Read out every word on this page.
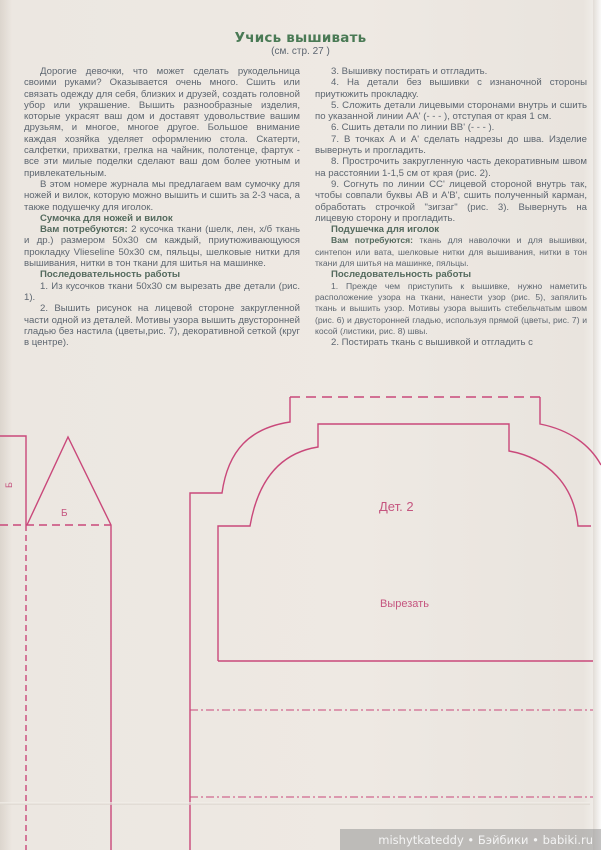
Учись вышивать
(см. стр. 27 )

Дорогие девочки, что может сделать рукодельница своими руками? Оказывается очень много. Сшить или связать одежду для себя, близких и друзей, создать головной убор или украшение. Вышить разнообразные изделия, которые украсят ваш дом и доставят удовольствие вашим друзьям, и многое, многое другое. Большое внимание каждая хозяйка уделяет оформлению стола. Скатерти, салфетки, прихватки, грелка на чайник, полотенце, фартук - все эти милые поделки сделают ваш дом более уютным и привлекательным.

В этом номере журнала мы предлагаем вам сумочку для ножей и вилок, которую можно вышить и сшить за 2-3 часа, а также подушечку для иголок.

Сумочка для ножей и вилок

Вам потребуются: 2 кусочка ткани (шелк, лен, х/б ткань и др.) размером 50х30 см каждый, приутюживающуюся прокладку Vlieseline 50х30 см, пяльцы, шелковые нитки для вышивания, нитки в тон ткани для шитья на машинке.

Последовательность работы

1. Из кусочков ткани 50х30 см вырезать две детали (рис. 1).

2. Вышить рисунок на лицевой стороне закругленной части одной из деталей. Мотивы узора вышить двусторонней гладью без настила (цветы,рис. 7), декоративной сеткой (круг в центре).

3. Вышивку постирать и отгладить.

4. На детали без вышивки с изнаночной стороны приутюжить прокладку.

5. Сложить детали лицевыми сторонами внутрь и сшить по указанной линии АА' (- - - ), отступая от края 1 см.

6. Сшить детали по линии ВВ' (- - - ).

7. В точках А и А' сделать надрезы до шва. Изделие вывернуть и прогладить.

8. Прострочить закругленную часть декоративным швом на расстоянии 1-1,5 см от края (рис. 2).

9. Согнуть по линии СС' лицевой стороной внутрь так, чтобы совпали буквы АВ и А'В', сшить полученный карман, обработать строчкой "зигзаг" (рис. 3). Вывернуть на лицевую сторону и прогладить.

Подушечка для иголок

Вам потребуются: ткань для наволочки и для вышивки, синтепон или вата, шелковые нитки для вышивания, нитки в тон ткани для шитья на машинке, пяльцы.

Последовательность работы

1. Прежде чем приступить к вышивке, нужно наметить расположение узора на ткани, нанести узор (рис. 5), запялить ткань и вышить узор. Мотивы узора вышить стебельчатым швом (рис. 6) и двусторонней гладью, используя прямой (цветы, рис. 7) и косой (листики, рис. 8) швы.

2. Постирать ткань с вышивкой и отгладить с

Б
Б	Дет. 2
Вырезать
mishytkateddy • Бэйбики • babiki.ru
